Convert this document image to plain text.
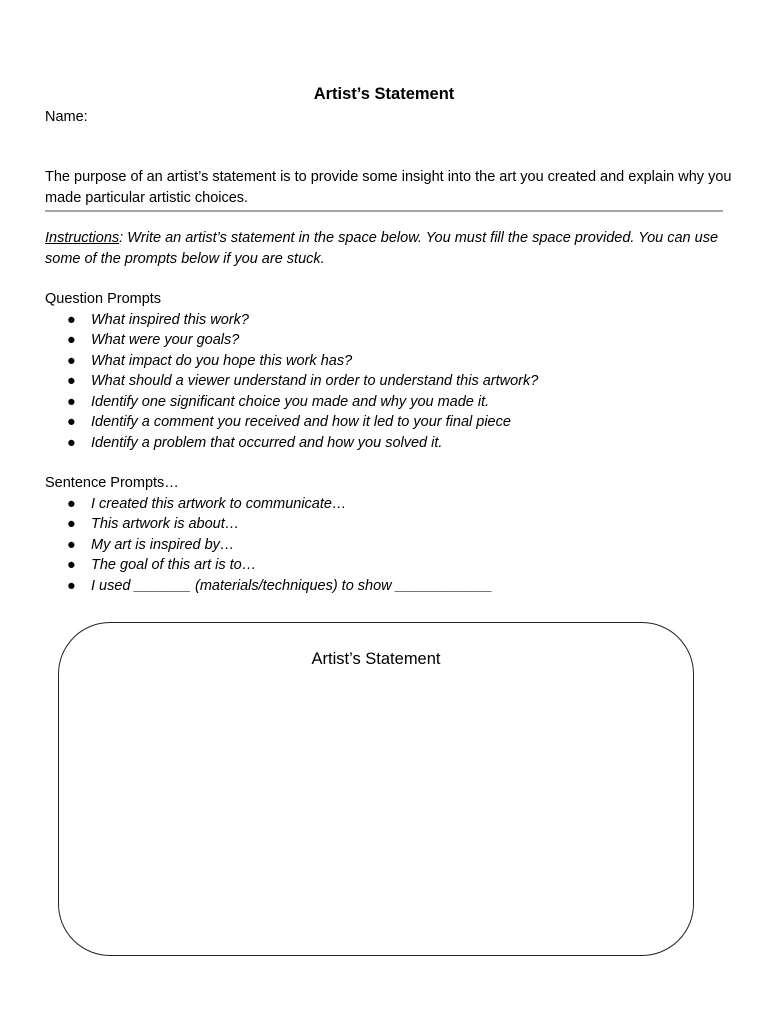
Artist’s Statement
Name:
The purpose of an artist’s statement is to provide some insight into the art you created and explain why you made particular artistic choices.
Instructions: Write an artist’s statement in the space below. You must fill the space provided. You can use some of the prompts below if you are stuck.
Question Prompts
● What inspired this work?
● What were your goals?
● What impact do you hope this work has?
● What should a viewer understand in order to understand this artwork?
● Identify one significant choice you made and why you made it.
● Identify a comment you received and how it led to your final piece
● Identify a problem that occurred and how you solved it.
Sentence Prompts…
● I created this artwork to communicate…
● This artwork is about…
● My art is inspired by…
● The goal of this art is to…
● I used _______ (materials/techniques) to show ____________
Artist’s Statement
